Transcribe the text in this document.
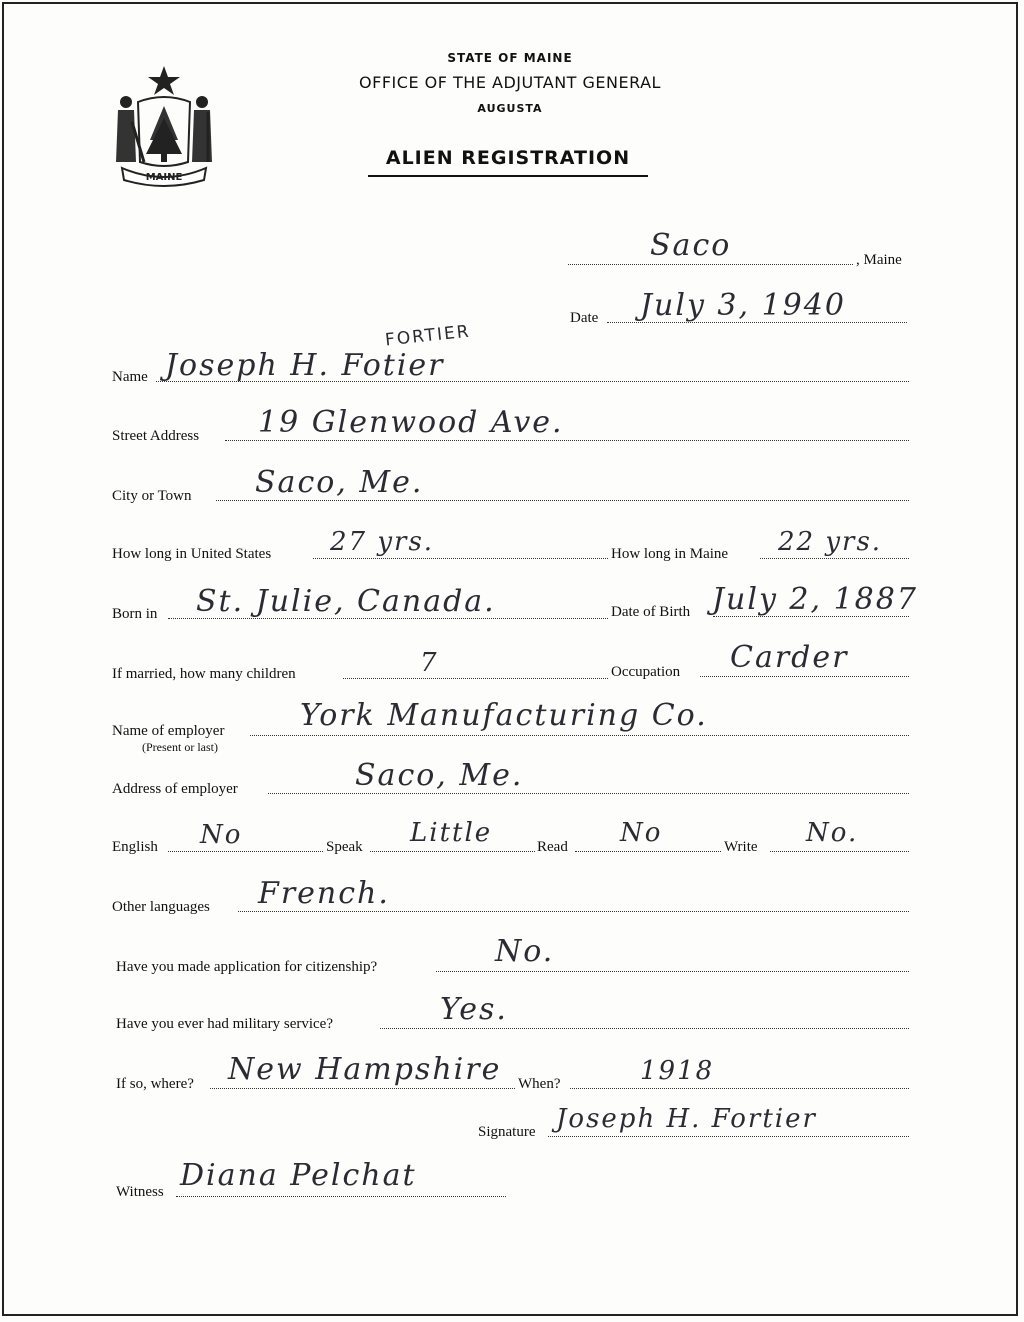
MAINE
STATE OF MAINE
OFFICE OF THE ADJUTANT GENERAL
AUGUSTA
ALIEN REGISTRATION
Saco	, Maine
Date July 3, 1940
FORTIER
Name Joseph H. Fotier
Street Address 19 Glenwood Ave.
City or Town Saco, Me.
How long in United States 27 yrs.	How long in Maine 22 yrs.
Born in St. Julie, Canada.	Date of Birth July 2, 1887
If married, how many children	7	Occupation Carder
Name of employer
(Present or last)
York Manufacturing Co.
Address of employer	Saco, Me.
English No	Speak Little	Read No	Write No.
Other languages French.
Have you made application for citizenship?	No.
Have you ever had military service?	Yes.
If so, where? New Hampshire When?	1918
Signature Joseph H. Fortier
Witness Diana Pelchat
